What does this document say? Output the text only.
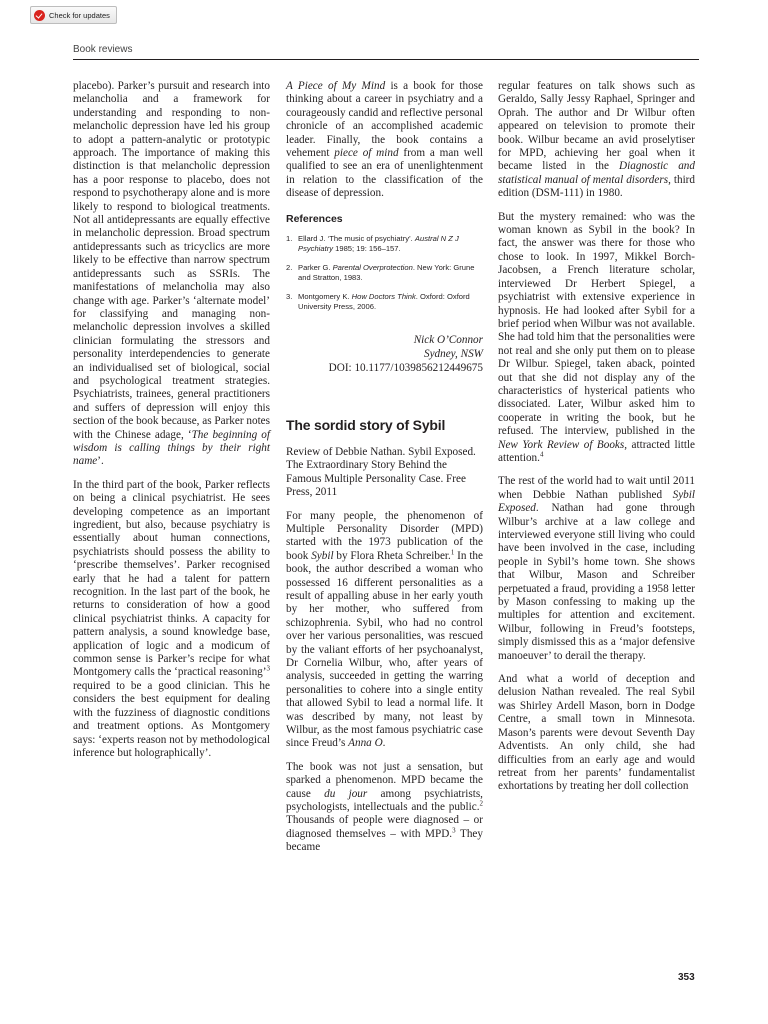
Check for updates
Book reviews

placebo). Parker’s pursuit and research into melancholia and a framework for understanding and responding to non-melancholic depression have led his group to adopt a pattern-analytic or prototypic approach. The importance of making this distinction is that melancholic depression has a poor response to placebo, does not respond to psychotherapy alone and is more likely to respond to biological treatments. Not all antidepressants are equally effective in melancholic depression. Broad spectrum antidepressants such as tricyclics are more likely to be effective than narrow spectrum antidepressants such as SSRIs. The manifestations of melancholia may also change with age. Parker’s ‘alternate model’ for classifying and managing non-melancholic depression involves a skilled clinician formulating the stressors and personality interdependencies to generate an individualised set of biological, social and psychological treatment strategies. Psychiatrists, trainees, general practitioners and suffers of depression will enjoy this section of the book because, as Parker notes with the Chinese adage, ‘The beginning of wisdom is calling things by their right name’.

In the third part of the book, Parker reflects on being a clinical psychiatrist. He sees developing competence as an important ingredient, but also, because psychiatry is essentially about human connections, psychiatrists should possess the ability to ‘prescribe themselves’. Parker recognised early that he had a talent for pattern recognition. In the last part of the book, he returns to consideration of how a good clinical psychiatrist thinks. A capacity for pattern analysis, a sound knowledge base, application of logic and a modicum of common sense is Parker’s recipe for what Montgomery calls the ‘practical reasoning’$^3$ required to be a good clinician. This he considers the best equipment for dealing with the fuzziness of diagnostic conditions and treatment options. As Montgomery says: ‘experts reason not by methodological inference but holographically’.

A Piece of My Mind is a book for those thinking about a career in psychiatry and a courageously candid and reflective personal chronicle of an accomplished academic leader. Finally, the book contains a vehement piece of mind from a man well qualified to see an era of unenlightenment in relation to the classification of the disease of depression.

References
1. Ellard J. ‘The music of psychiatry’. Austral N Z J Psychiatry 1985; 19: 156–157.
2. Parker G. Parental Overprotection. New York: Grune and Stratton, 1983.
3. Montgomery K. How Doctors Think. Oxford: Oxford University Press, 2006.
Nick O’Connor
Sydney, NSW
DOI: 10.1177/1039856212449675
The sordid story of Sybil

Review of Debbie Nathan. Sybil Exposed. The Extraordinary Story Behind the Famous Multiple Personality Case. Free Press, 2011

For many people, the phenomenon of Multiple Personality Disorder (MPD) started with the 1973 publication of the book Sybil by Flora Rheta Schreiber.$^1$ In the book, the author described a woman who possessed 16 different personalities as a result of appalling abuse in her early youth by her mother, who suffered from schizophrenia. Sybil, who had no control over her various personalities, was rescued by the valiant efforts of her psychoanalyst, Dr Cornelia Wilbur, who, after years of analysis, succeeded in getting the warring personalities to cohere into a single entity that allowed Sybil to lead a normal life. It was described by many, not least by Wilbur, as the most famous psychiatric case since Freud’s Anna O.

The book was not just a sensation, but sparked a phenomenon. MPD became the cause du jour among psychiatrists, psychologists, intellectuals and the public.$^2$ Thousands of people were diagnosed – or diagnosed themselves – with MPD.$^3$ They became

regular features on talk shows such as Geraldo, Sally Jessy Raphael, Springer and Oprah. The author and Dr Wilbur often appeared on television to promote their book. Wilbur became an avid proselytiser for MPD, achieving her goal when it became listed in the Diagnostic and statistical manual of mental disorders, third edition (DSM-111) in 1980.

But the mystery remained: who was the woman known as Sybil in the book? In fact, the answer was there for those who chose to look. In 1997, Mikkel Borch-Jacobsen, a French literature scholar, interviewed Dr Herbert Spiegel, a psychiatrist with extensive experience in hypnosis. He had looked after Sybil for a brief period when Wilbur was not available. She had told him that the personalities were not real and she only put them on to please Dr Wilbur. Spiegel, taken aback, pointed out that she did not display any of the characteristics of hysterical patients who dissociated. Later, Wilbur asked him to cooperate in writing the book, but he refused. The interview, published in the New York Review of Books, attracted little attention.$^4$

The rest of the world had to wait until 2011 when Debbie Nathan published Sybil Exposed. Nathan had gone through Wilbur’s archive at a law college and interviewed everyone still living who could have been involved in the case, including people in Sybil’s home town. She shows that Wilbur, Mason and Schreiber perpetuated a fraud, providing a 1958 letter by Mason confessing to making up the multiples for attention and excitement. Wilbur, following in Freud’s footsteps, simply dismissed this as a ‘major defensive manoeuver’ to derail the therapy.

And what a world of deception and delusion Nathan revealed. The real Sybil was Shirley Ardell Mason, born in Dodge Centre, a small town in Minnesota. Mason’s parents were devout Seventh Day Adventists. An only child, she had difficulties from an early age and would retreat from her parents’ fundamentalist exhortations by treating her doll collection

353
